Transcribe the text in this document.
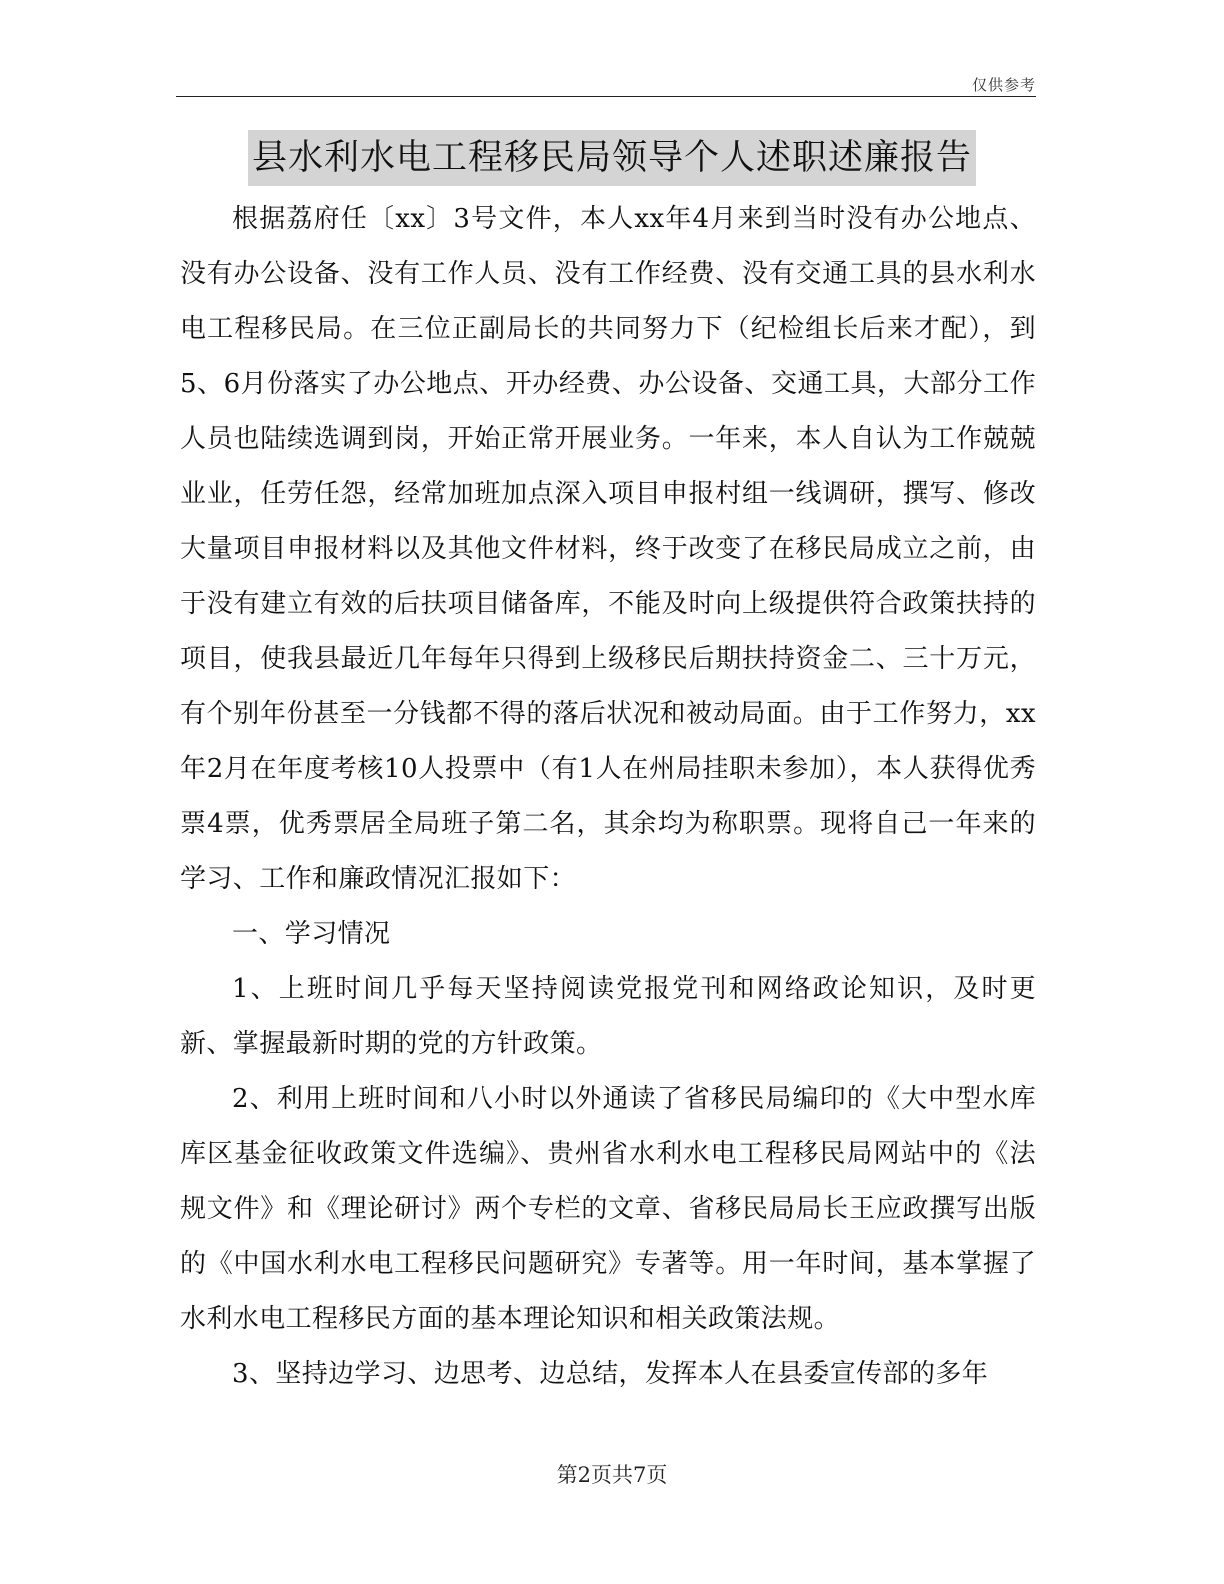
仅供参考
县水利水电工程移民局领导个人述职述廉报告

根据荔府任〔xx〕3号文件，本人xx年4月来到当时没有办公地点、没有办公设备、没有工作人员、没有工作经费、没有交通工具的县水利水电工程移民局。在三位正副局长的共同努力下（纪检组长后来才配），到5、6月份落实了办公地点、开办经费、办公设备、交通工具，大部分工作人员也陆续选调到岗，开始正常开展业务。一年来，本人自认为工作兢兢业业，任劳任怨，经常加班加点深入项目申报村组一线调研，撰写、修改大量项目申报材料以及其他文件材料，终于改变了在移民局成立之前，由于没有建立有效的后扶项目储备库，不能及时向上级提供符合政策扶持的项目，使我县最近几年每年只得到上级移民后期扶持资金二、三十万元，有个别年份甚至一分钱都不得的落后状况和被动局面。由于工作努力，xx年2月在年度考核10人投票中（有1人在州局挂职未参加），本人获得优秀票4票，优秀票居全局班子第二名，其余均为称职票。现将自己一年来的学习、工作和廉政情况汇报如下：

一、学习情况

1、上班时间几乎每天坚持阅读党报党刊和网络政论知识，及时更新、掌握最新时期的党的方针政策。

2、利用上班时间和八小时以外通读了省移民局编印的《大中型水库库区基金征收政策文件选编》、贵州省水利水电工程移民局网站中的《法规文件》和《理论研讨》两个专栏的文章、省移民局局长王应政撰写出版的《中国水利水电工程移民问题研究》专著等。用一年时间，基本掌握了水利水电工程移民方面的基本理论知识和相关政策法规。

3、坚持边学习、边思考、边总结，发挥本人在县委宣传部的多年

第2页共7页
